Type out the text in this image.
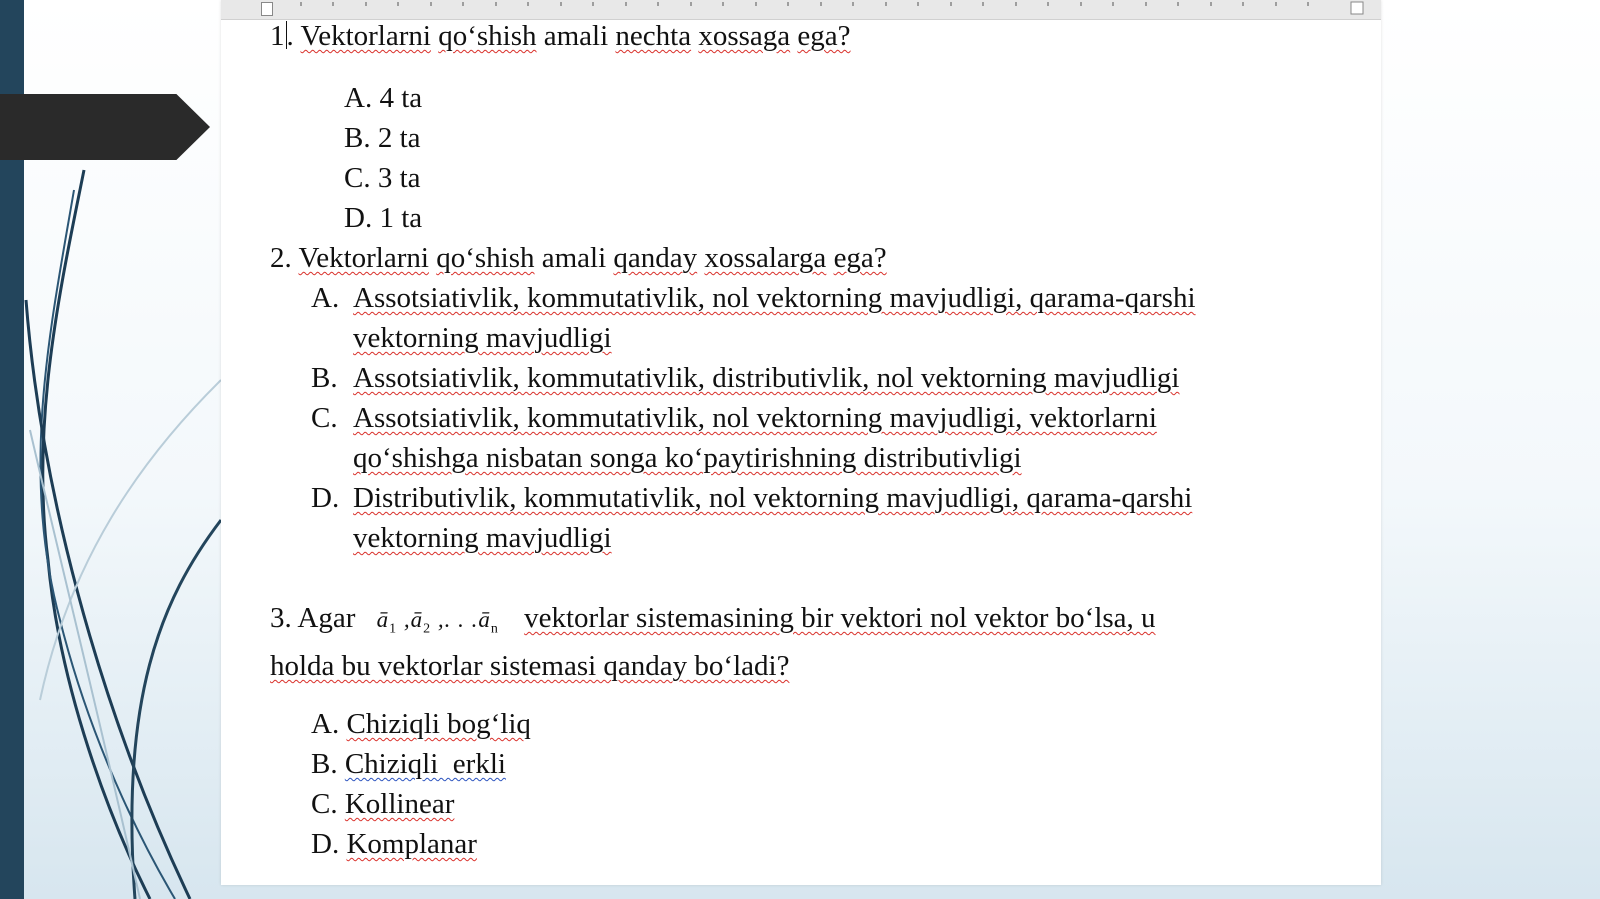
1. Vektorlarni qo‘shish amali nechta xossaga ega?
A. 4 ta
B. 2 ta
C. 3 ta
D. 1 ta
2. Vektorlarni qo‘shish amali qanday xossalarga ega?
A. Assotsiativlik, kommutativlik, nol vektorning mavjudligi, qarama-qarshi
vektorning mavjudligi
B. Assotsiativlik, kommutativlik, distributivlik, nol vektorning mavjudligi
C. Assotsiativlik, kommutativlik, nol vektorning mavjudligi, vektorlarni
qo‘shishga nisbatan songa ko‘paytirishning distributivligi
D. Distributivlik, kommutativlik, nol vektorning mavjudligi, qarama-qarshi
vektorning mavjudligi
3. Agar $ā_1$ $,ā_2$ ,. . $.ā_n$ vektorlar sistemasining bir vektori nol vektor bo‘lsa, u
holda bu vektorlar sistemasi qanday bo‘ladi?
A. Chiziqli bog‘liq
B. Chiziqli  erkli
C. Kollinear
D. Komplanar
